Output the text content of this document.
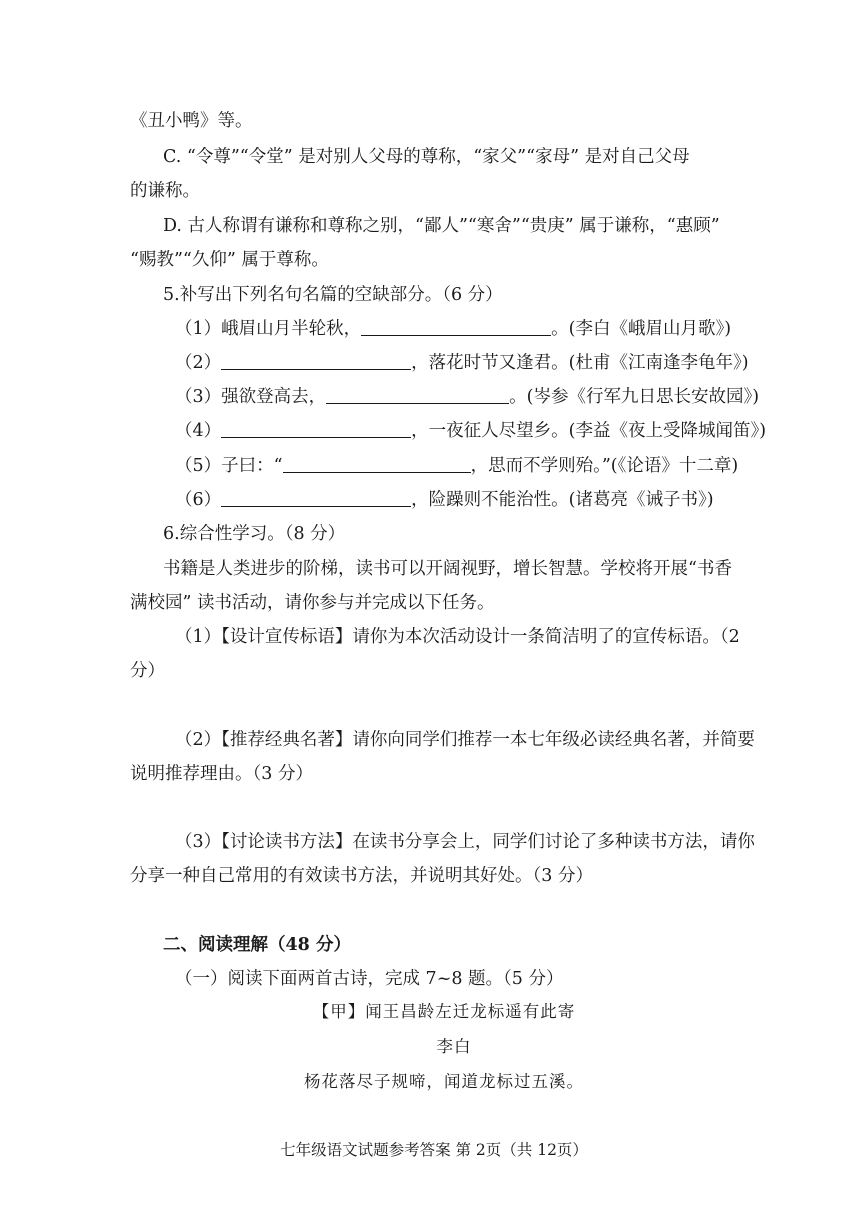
《丑小鸭》等。
C. “令尊”“令堂” 是对别人父母的尊称，“家父”“家母” 是对自己父母
的谦称。
D. 古人称谓有谦称和尊称之别，“鄙人”“寒舍”“贵庚” 属于谦称，“惠顾”
“赐教”“久仰” 属于尊称。
5.补写出下列名句名篇的空缺部分。（6 分）
（1）峨眉山月半轮秋，	。(李白《峨眉山月歌》)
（2）	，落花时节又逢君。(杜甫《江南逢李龟年》)
（3）强欲登高去，	。(岑参《行军九日思长安故园》)
（4）	，一夜征人尽望乡。(李益《夜上受降城闻笛》)
（5）子曰：“	，思而不学则殆。”(《论语》十二章)
（6）	，险躁则不能治性。(诸葛亮《诫子书》)
6.综合性学习。（8 分）
书籍是人类进步的阶梯，读书可以开阔视野，增长智慧。学校将开展“书香
满校园” 读书活动，请你参与并完成以下任务。
（1）【设计宣传标语】请你为本次活动设计一条简洁明了的宣传标语。（2
分）
（2）【推荐经典名著】请你向同学们推荐一本七年级必读经典名著，并简要
说明推荐理由。（3 分）
（3）【讨论读书方法】在读书分享会上，同学们讨论了多种读书方法，请你
分享一种自己常用的有效读书方法，并说明其好处。（3 分）
二、阅读理解（48 分）
（一）阅读下面两首古诗，完成 7~8 题。（5 分）
【甲】闻王昌龄左迁龙标遥有此寄
李白
杨花落尽子规啼，闻道龙标过五溪。
七年级语文试题参考答案 第 2页（共 12页）
